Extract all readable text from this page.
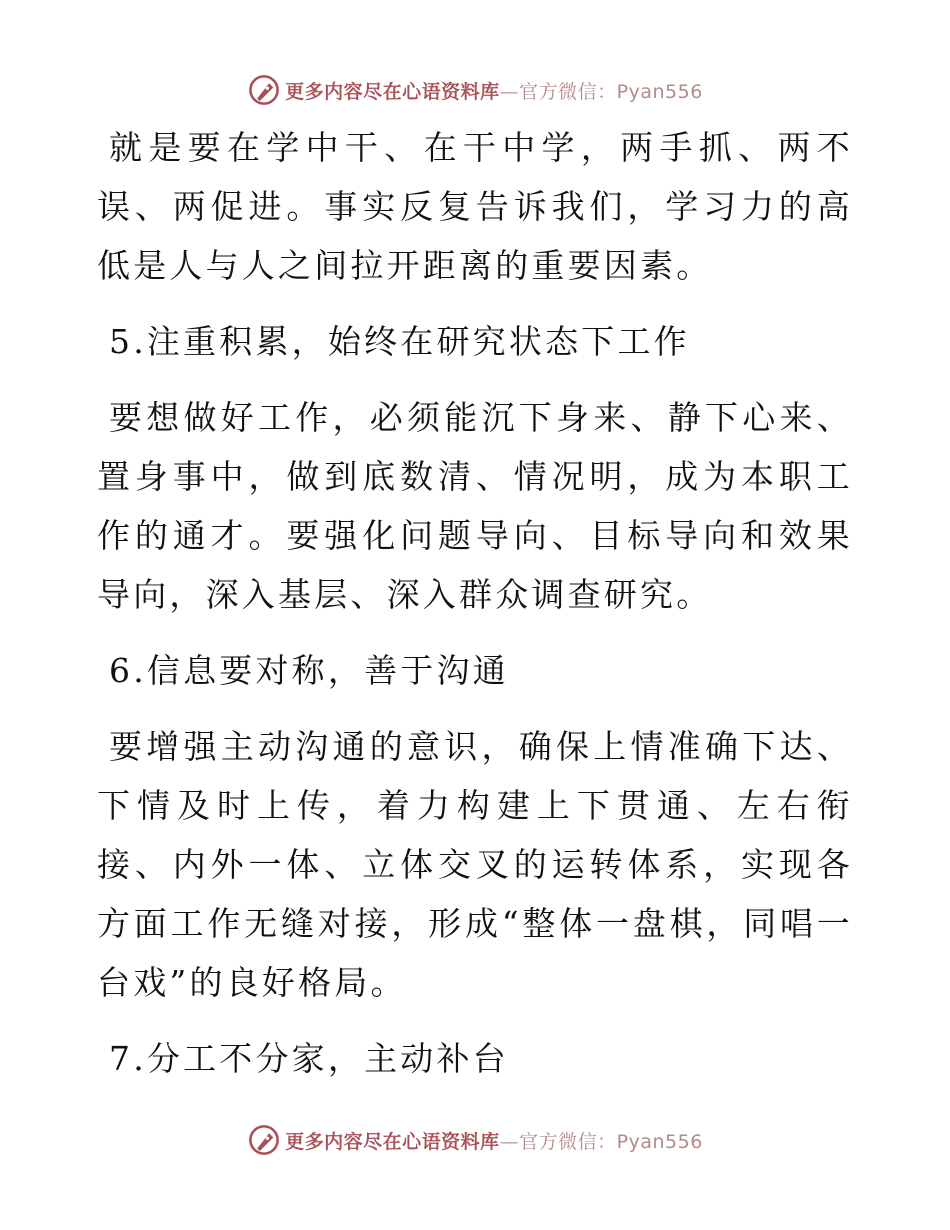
更多内容尽在心语资料库—官方微信：Pyan556

就是要在学中干、在干中学，两手抓、两不误、两促进。事实反复告诉我们，学习力的高低是人与人之间拉开距离的重要因素。

5.注重积累，始终在研究状态下工作

要想做好工作，必须能沉下身来、静下心来、置身事中，做到底数清、情况明，成为本职工作的通才。要强化问题导向、目标导向和效果导向，深入基层、深入群众调查研究。

6.信息要对称，善于沟通

要增强主动沟通的意识，确保上情准确下达、下情及时上传，着力构建上下贯通、左右衔接、内外一体、立体交叉的运转体系，实现各方面工作无缝对接，形成“整体一盘棋，同唱一台戏”的良好格局。

7.分工不分家，主动补台

更多内容尽在心语资料库—官方微信：Pyan556
